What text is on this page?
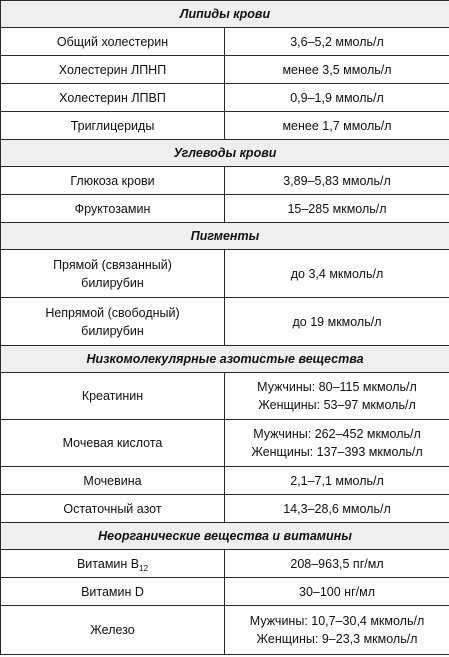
Липиды крови	
Общий холестерин	3,6–5,2 ммоль/л
Холестерин ЛПНП	менее 3,5 ммоль/л
Холестерин ЛПВП	0,9–1,9 ммоль/л
Триглицериды	менее 1,7 ммоль/л
Углеводы крови	
Глюкоза крови	3,89–5,83 ммоль/л
Фруктозамин	15–285 мкмоль/л
Пигменты	

Прямой (связанный)
билирубин	до 3,4 мкмоль/л

Непрямой (свободный)
билирубин	до 19 мкмоль/л
Низкомолекулярные азотистые вещества	
Креатинин	Мужчины: 80–115 мкмоль/л
Женщины: 53–97 мкмоль/л

Мочевая кислота	Мужчины: 262–452 мкмоль/л
Женщины: 137–393 мкмоль/л

Мочевина	2,1–7,1 ммоль/л
Остаточный азот	14,3–28,6 ммоль/л
Неорганические вещества и витамины	
Витамин $B_{12}$	208–963,5 пг/мл
Витамин D	30–100 нг/мл
Железо	Мужчины: 10,7–30,4 мкмоль/л
Женщины: 9–23,3 мкмоль/л
